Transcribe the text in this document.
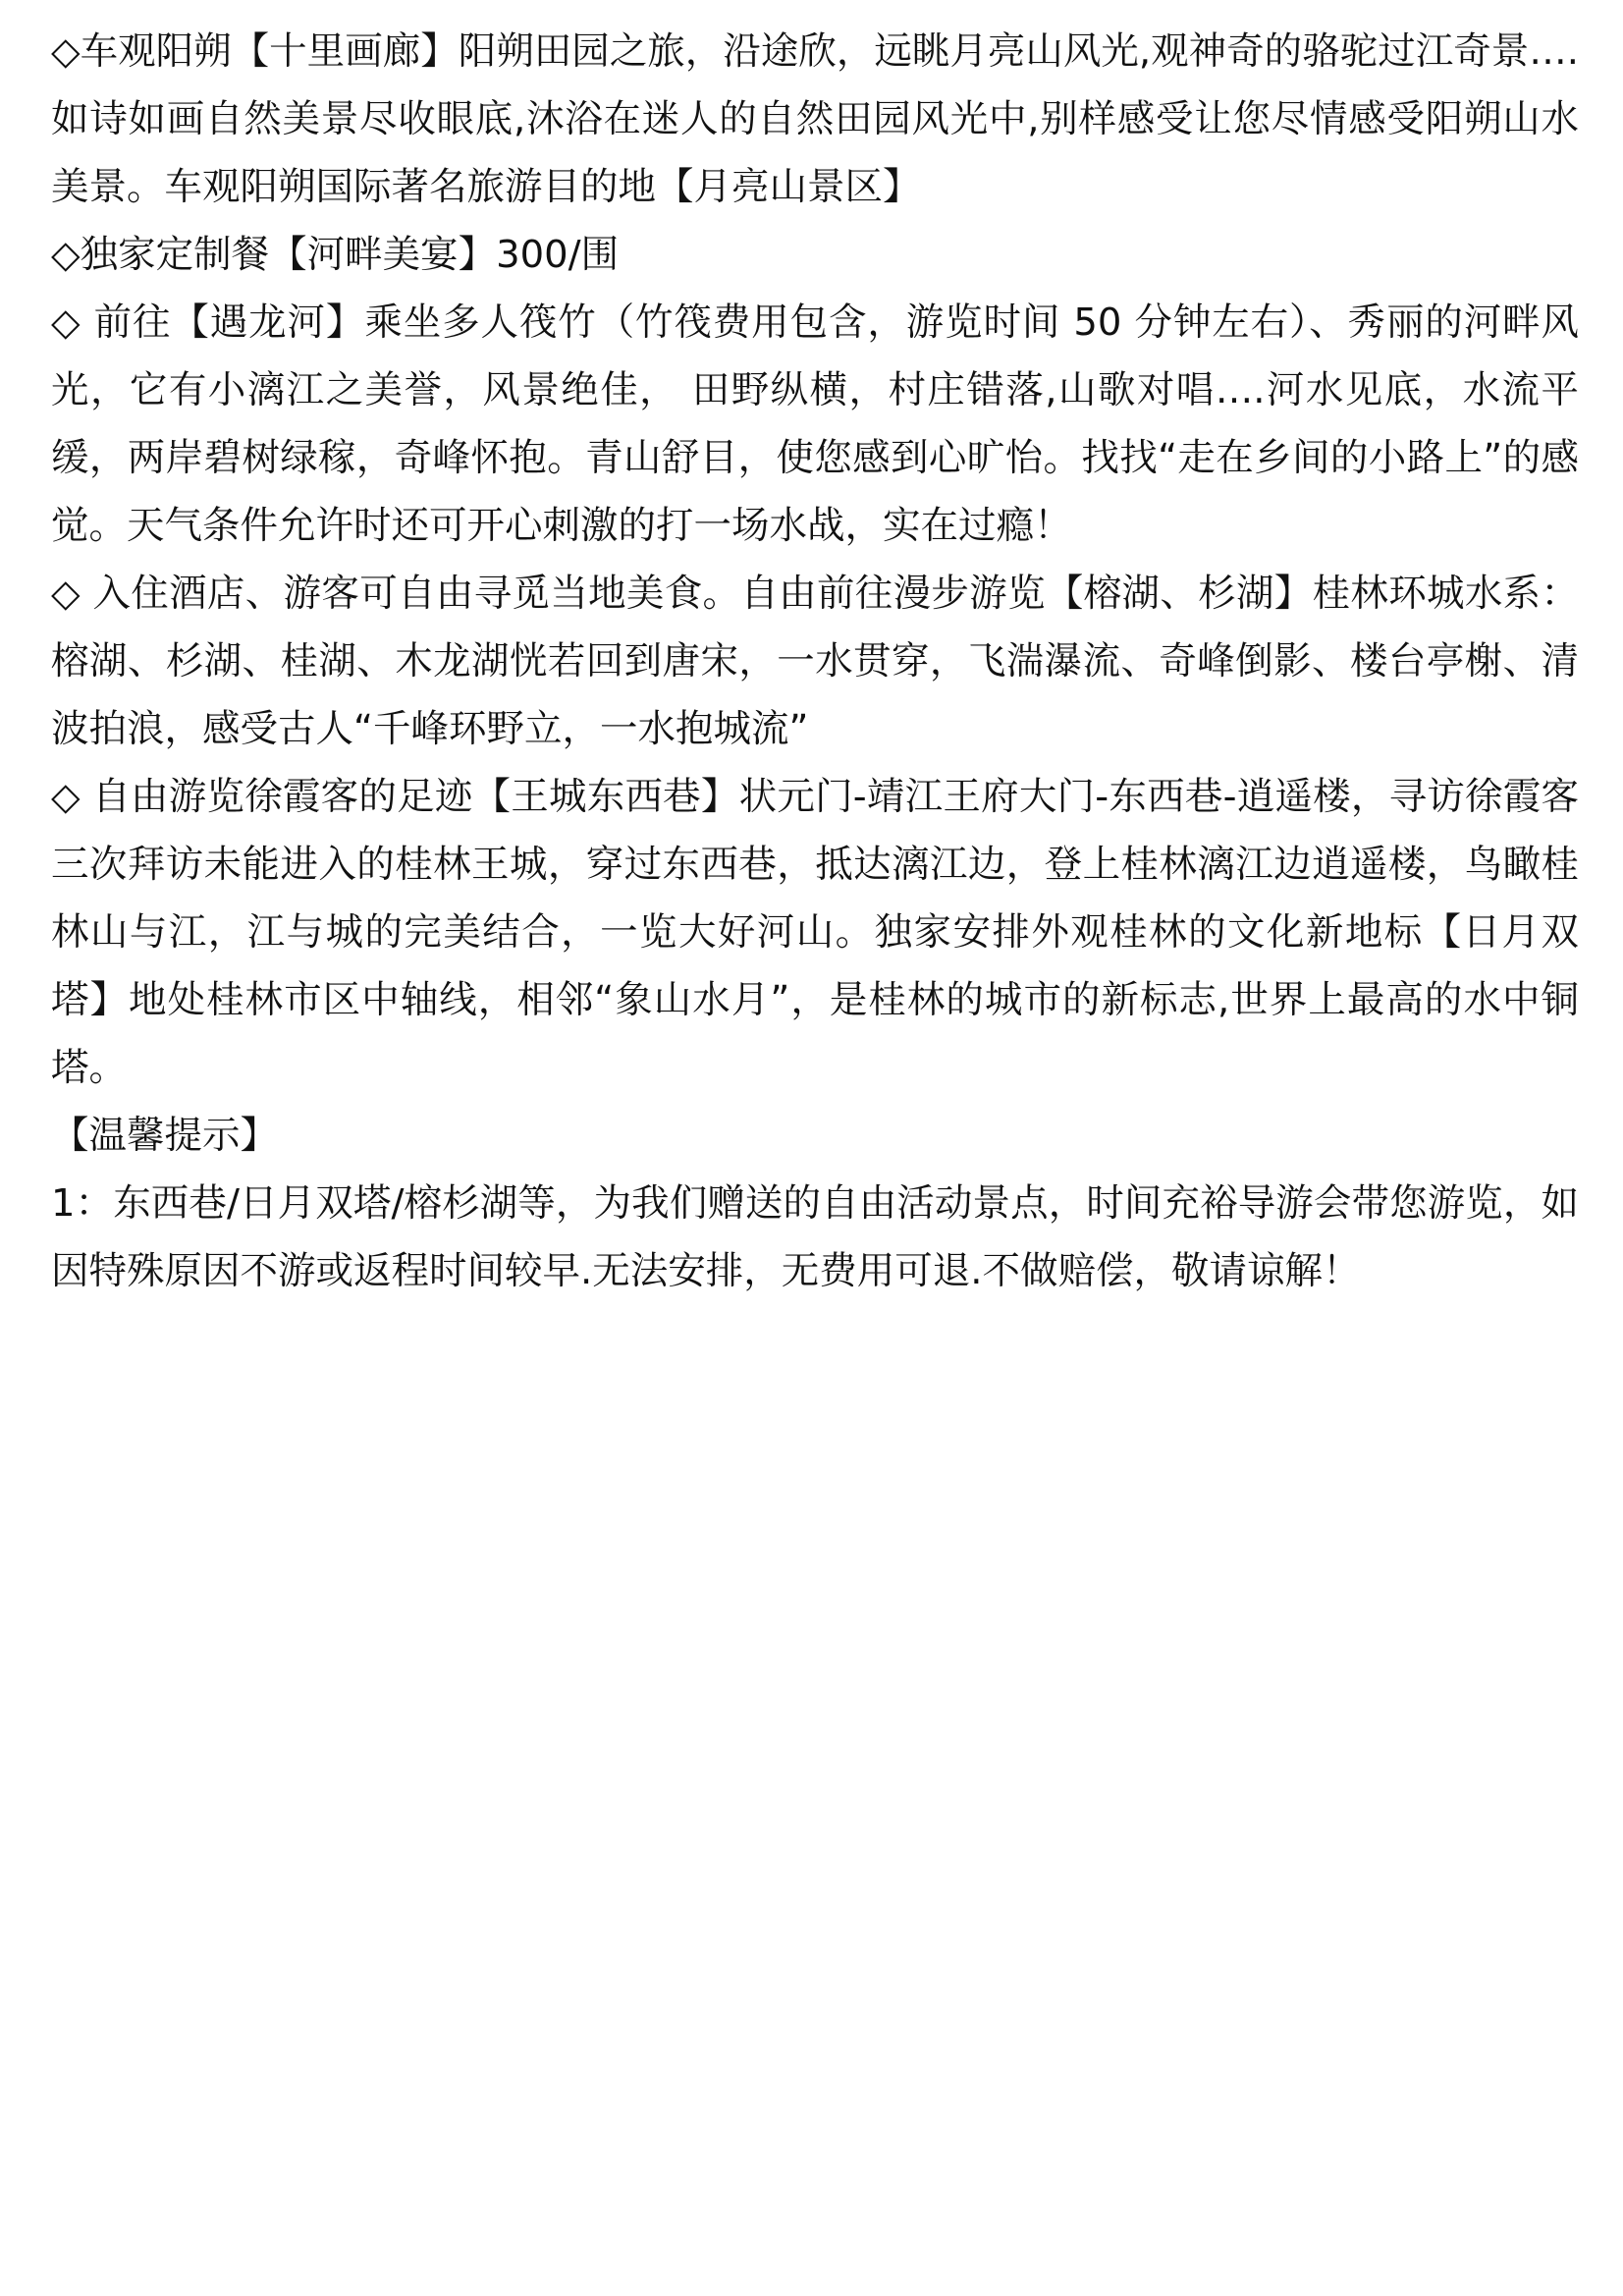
◇车观阳朔【十里画廊】阳朔田园之旅，沿途欣，远眺月亮山风光,观神奇的骆驼过江奇景….如诗如画自然美景尽收眼底,沐浴在迷人的自然田园风光中,别样感受让您尽情感受阳朔山水美景。车观阳朔国际著名旅游目的地【月亮山景区】

◇独家定制餐【河畔美宴】300/围

◇ 前往【遇龙河】乘坐多人筏竹（竹筏费用包含，游览时间 50 分钟左右）、秀丽的河畔风光，它有小漓江之美誉，风景绝佳， 田野纵横，村庄错落,山歌对唱….河水见底，水流平缓，两岸碧树绿稼，奇峰怀抱。青山舒目，使您感到心旷怡。找找“走在乡间的小路上”的感觉。天气条件允许时还可开心刺激的打一场水战，实在过瘾！

◇ 入住酒店、游客可自由寻觅当地美食。自由前往漫步游览【榕湖、杉湖】桂林环城水系：榕湖、杉湖、桂湖、木龙湖恍若回到唐宋，一水贯穿，飞湍瀑流、奇峰倒影、楼台亭榭、清波拍浪，感受古人“千峰环野立，一水抱城流”

◇ 自由游览徐霞客的足迹【王城东西巷】状元门-靖江王府大门-东西巷-逍遥楼，寻访徐霞客三次拜访未能进入的桂林王城，穿过东西巷，抵达漓江边，登上桂林漓江边逍遥楼，鸟瞰桂林山与江，江与城的完美结合，一览大好河山。独家安排外观桂林的文化新地标【日月双塔】地处桂林市区中轴线，相邻“象山水月”，是桂林的城市的新标志,世界上最高的水中铜塔。

【温馨提示】

1：东西巷/日月双塔/榕杉湖等，为我们赠送的自由活动景点，时间充裕导游会带您游览，如因特殊原因不游或返程时间较早.无法安排，无费用可退.不做赔偿，敬请谅解！
